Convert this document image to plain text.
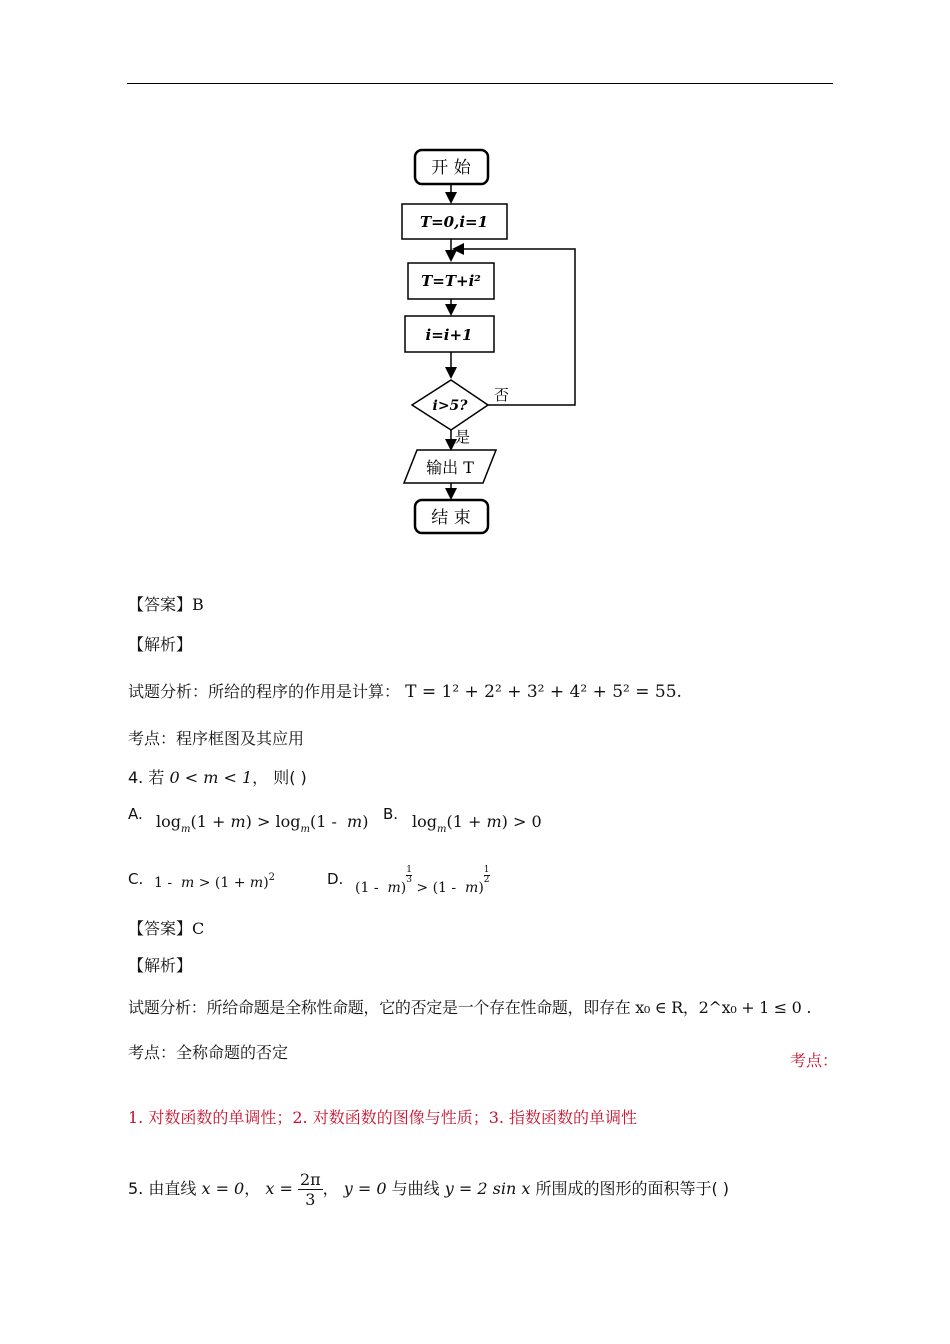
开 始
T=0,i=1
T=T+i²
i=i+1
i>5?
否
是
输出 T
结 束
【答案】B
【解析】
试题分析：所给的程序的作用是计算： T = 1² + 2² + 3² + 4² + 5² = 55.
考点：程序框图及其应用
4. 若 0 < m < 1， 则( )
A. $\log_m(1 + m) > \log_m(1 - m)$ B. $\log_m(1 + m) > 0$
C. $1 - m > (1 + m)^2$	D. (1 -  m)
$\frac{1}{3} > (1 - m)$
$\frac{1}{2}$
【答案】C
【解析】
试题分析：所给命题是全称性命题，它的否定是一个存在性命题，即存在 x₀ ∈ R，2^x₀ + 1 ≤ 0 .
考点：全称命题的否定	考点：
1. 对数函数的单调性；2. 对数函数的图像与性质；3. 指数函数的单调性
5. 由直线 x = 0， $x = \frac{2\pi}{3}$ ， y = 0 与曲线 y = 2 sin x 所围成的图形的面积等于( )
